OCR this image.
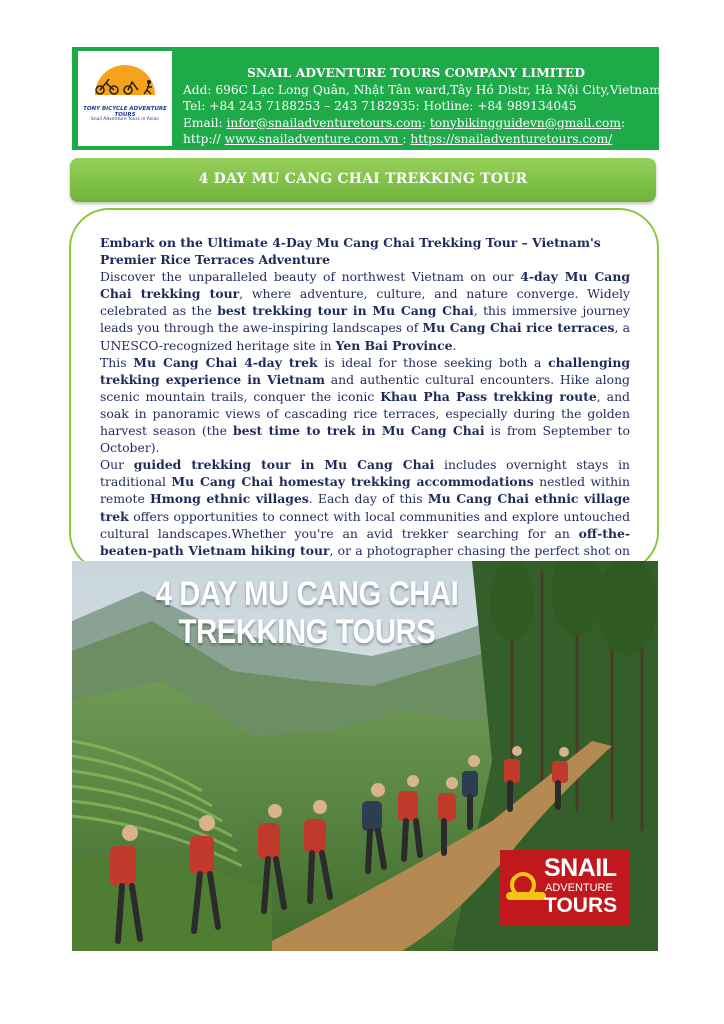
TONY BICYCLE ADVENTURE TOURS
Snail Adventure Tours in Asian
SNAIL ADVENTURE TOURS COMPANY LIMITED
Add: 696C Lạc Long Quân, Nhật Tân ward,Tây Hồ Distr, Hà Nội City,Vietnam
Tel: +84 243 7188253 – 243 7182935: Hotline: +84 989134045
Email: infor@snailadventuretours.com: tonybikingguidevn@gmail.com:
http:// www.snailadventure.com.vn : https://snailadventuretours.com/
4 DAY MU CANG CHAI TREKKING TOUR
Embark on the Ultimate 4-Day Mu Cang Chai Trekking Tour – Vietnam's Premier Rice Terraces Adventure

Discover the unparalleled beauty of northwest Vietnam on our 4-day Mu Cang Chai trekking tour, where adventure, culture, and nature converge. Widely celebrated as the best trekking tour in Mu Cang Chai, this immersive journey leads you through the awe-inspiring landscapes of Mu Cang Chai rice terraces, a UNESCO-recognized heritage site in Yen Bai Province.

This Mu Cang Chai 4-day trek is ideal for those seeking both a challenging trekking experience in Vietnam and authentic cultural encounters. Hike along scenic mountain trails, conquer the iconic Khau Pha Pass trekking route, and soak in panoramic views of cascading rice terraces, especially during the golden harvest season (the best time to trek in Mu Cang Chai is from September to October).

Our guided trekking tour in Mu Cang Chai includes overnight stays in traditional Mu Cang Chai homestay trekking accommodations nestled within remote Hmong ethnic villages. Each day of this Mu Cang Chai ethnic village trek offers opportunities to connect with local communities and explore untouched cultural landscapes.Whether you're an avid trekker searching for an off-the-beaten-path Vietnam hiking tour, or a photographer chasing the perfect shot on

4 DAY MU CANG CHAI
TREKKING TOURS
SNAIL
ADVENTURE
TOURS
